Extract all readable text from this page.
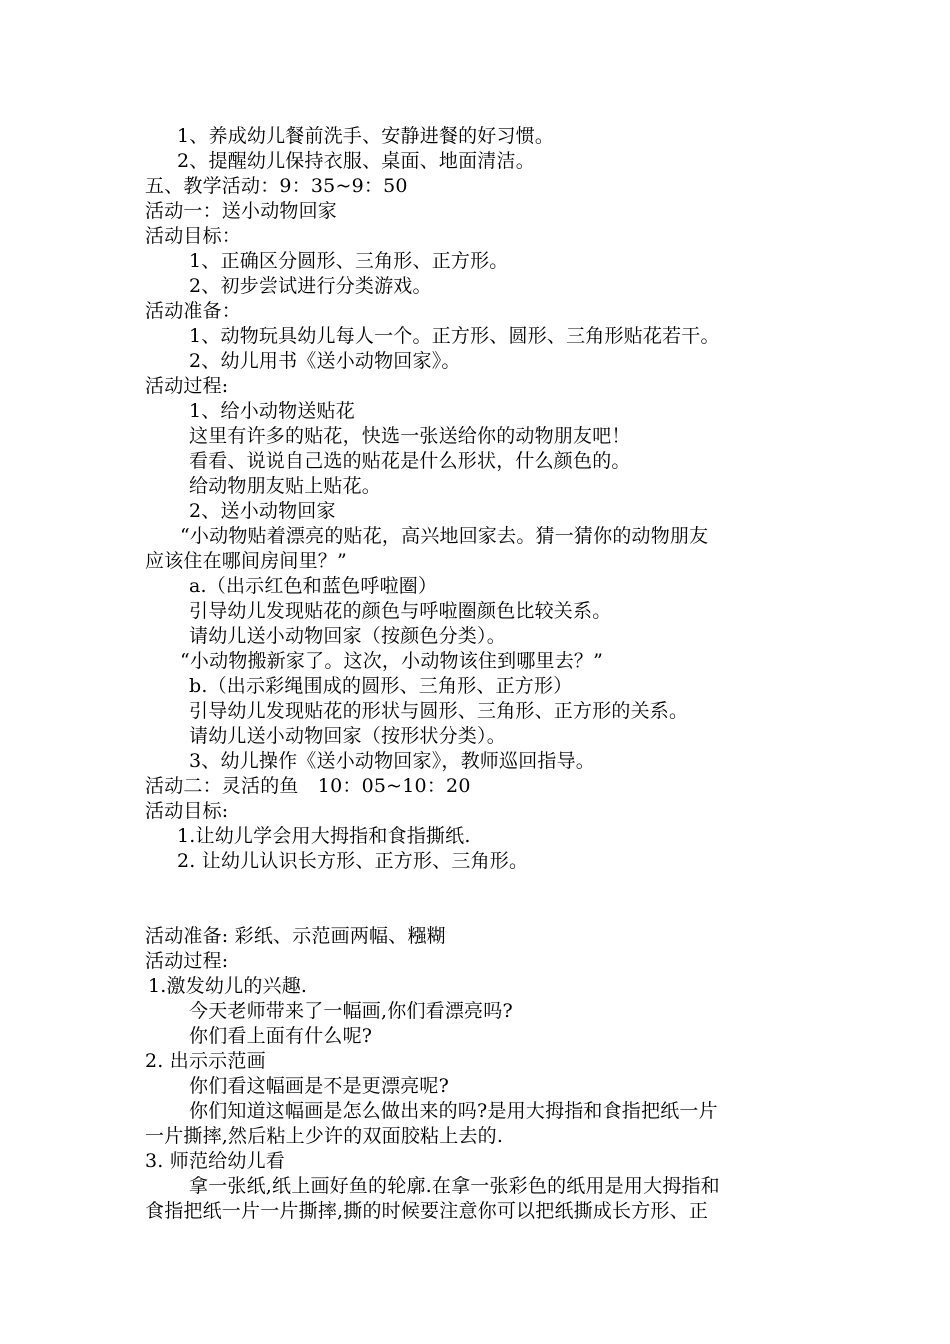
1、养成幼儿餐前洗手、安静进餐的好习惯。
2、提醒幼儿保持衣服、桌面、地面清洁。
五、教学活动：9：35~9：50
活动一：送小动物回家
活动目标：
1、正确区分圆形、三角形、正方形。
2、初步尝试进行分类游戏。
活动准备：
1、动物玩具幼儿每人一个。正方形、圆形、三角形贴花若干。
2、幼儿用书《送小动物回家》。
活动过程:
1、给小动物送贴花
这里有许多的贴花，快选一张送给你的动物朋友吧！
看看、说说自己选的贴花是什么形状，什么颜色的。
给动物朋友贴上贴花。
2、送小动物回家
“小动物贴着漂亮的贴花，高兴地回家去。猜一猜你的动物朋友
应该住在哪间房间里？”
a.（出示红色和蓝色呼啦圈）
引导幼儿发现贴花的颜色与呼啦圈颜色比较关系。
请幼儿送小动物回家（按颜色分类）。
“小动物搬新家了。这次，小动物该住到哪里去？”
b.（出示彩绳围成的圆形、三角形、正方形）
引导幼儿发现贴花的形状与圆形、三角形、正方形的关系。
请幼儿送小动物回家（按形状分类）。
3、幼儿操作《送小动物回家》，教师巡回指导。
活动二：灵活的鱼　10：05~10：20
活动目标:
1.让幼儿学会用大拇指和食指撕纸.
2. 让幼儿认识长方形、正方形、三角形。
活动准备: 彩纸、示范画两幅、糨糊
活动过程:
1.激发幼儿的兴趣.
今天老师带来了一幅画,你们看漂亮吗?
你们看上面有什么呢?
2. 出示示范画
你们看这幅画是不是更漂亮呢?
你们知道这幅画是怎么做出来的吗?是用大拇指和食指把纸一片
一片撕摔,然后粘上少许的双面胶粘上去的.
3. 师范给幼儿看
拿一张纸,纸上画好鱼的轮廓.在拿一张彩色的纸用是用大拇指和
食指把纸一片一片撕摔,撕的时候要注意你可以把纸撕成长方形、正
